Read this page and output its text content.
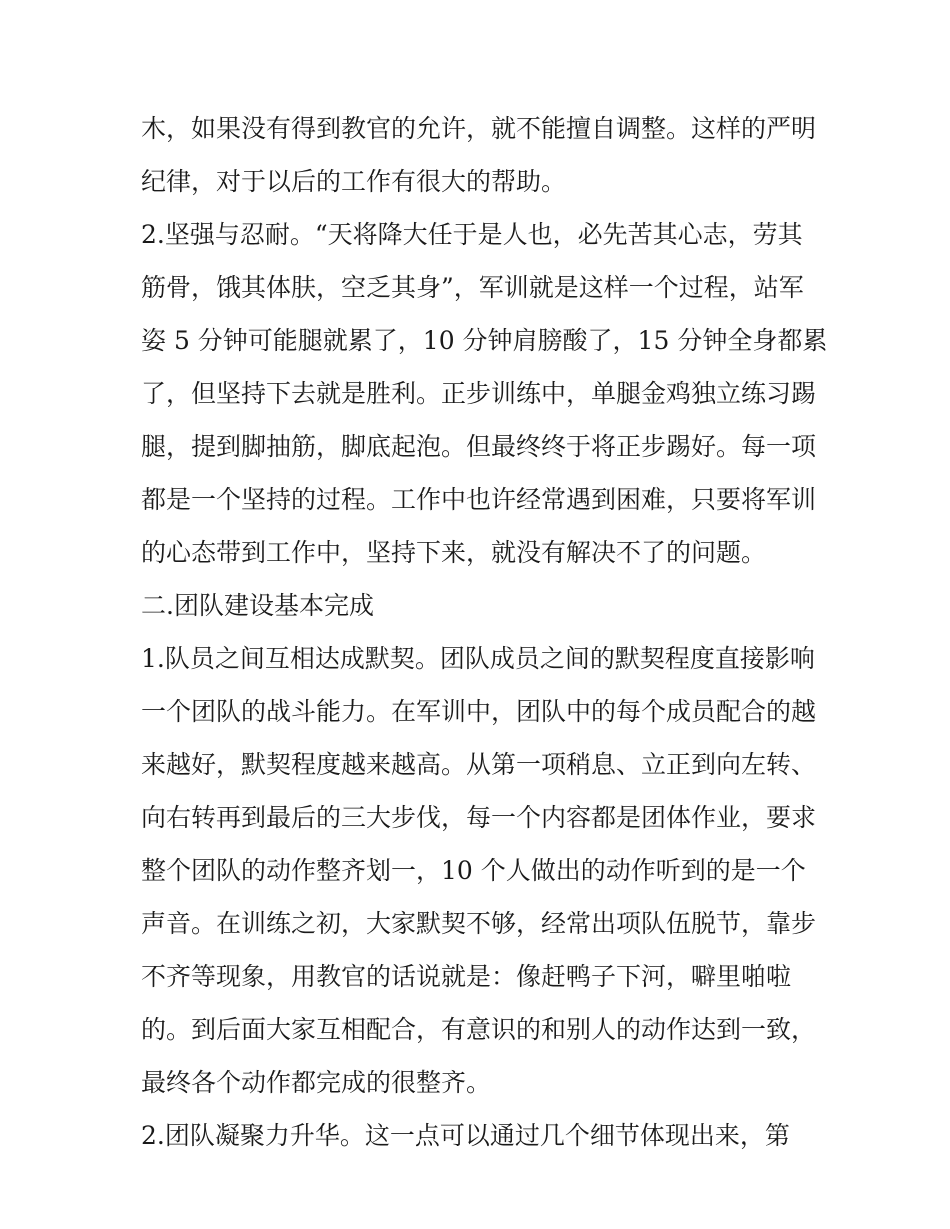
木，如果没有得到教官的允许，就不能擅自调整。这样的严明
纪律，对于以后的工作有很大的帮助。
2.坚强与忍耐。“天将降大任于是人也，必先苦其心志，劳其
筋骨，饿其体肤，空乏其身”，军训就是这样一个过程，站军
姿 5 分钟可能腿就累了，10 分钟肩膀酸了，15 分钟全身都累
了，但坚持下去就是胜利。正步训练中，单腿金鸡独立练习踢
腿，提到脚抽筋，脚底起泡。但最终终于将正步踢好。每一项
都是一个坚持的过程。工作中也许经常遇到困难，只要将军训
的心态带到工作中，坚持下来，就没有解决不了的问题。
二.团队建设基本完成
1.队员之间互相达成默契。团队成员之间的默契程度直接影响
一个团队的战斗能力。在军训中，团队中的每个成员配合的越
来越好，默契程度越来越高。从第一项稍息、立正到向左转、
向右转再到最后的三大步伐，每一个内容都是团体作业，要求
整个团队的动作整齐划一，10 个人做出的动作听到的是一个
声音。在训练之初，大家默契不够，经常出项队伍脱节，靠步
不齐等现象，用教官的话说就是：像赶鸭子下河，噼里啪啦
的。到后面大家互相配合，有意识的和别人的动作达到一致，
最终各个动作都完成的很整齐。
2.团队凝聚力升华。这一点可以通过几个细节体现出来，第
